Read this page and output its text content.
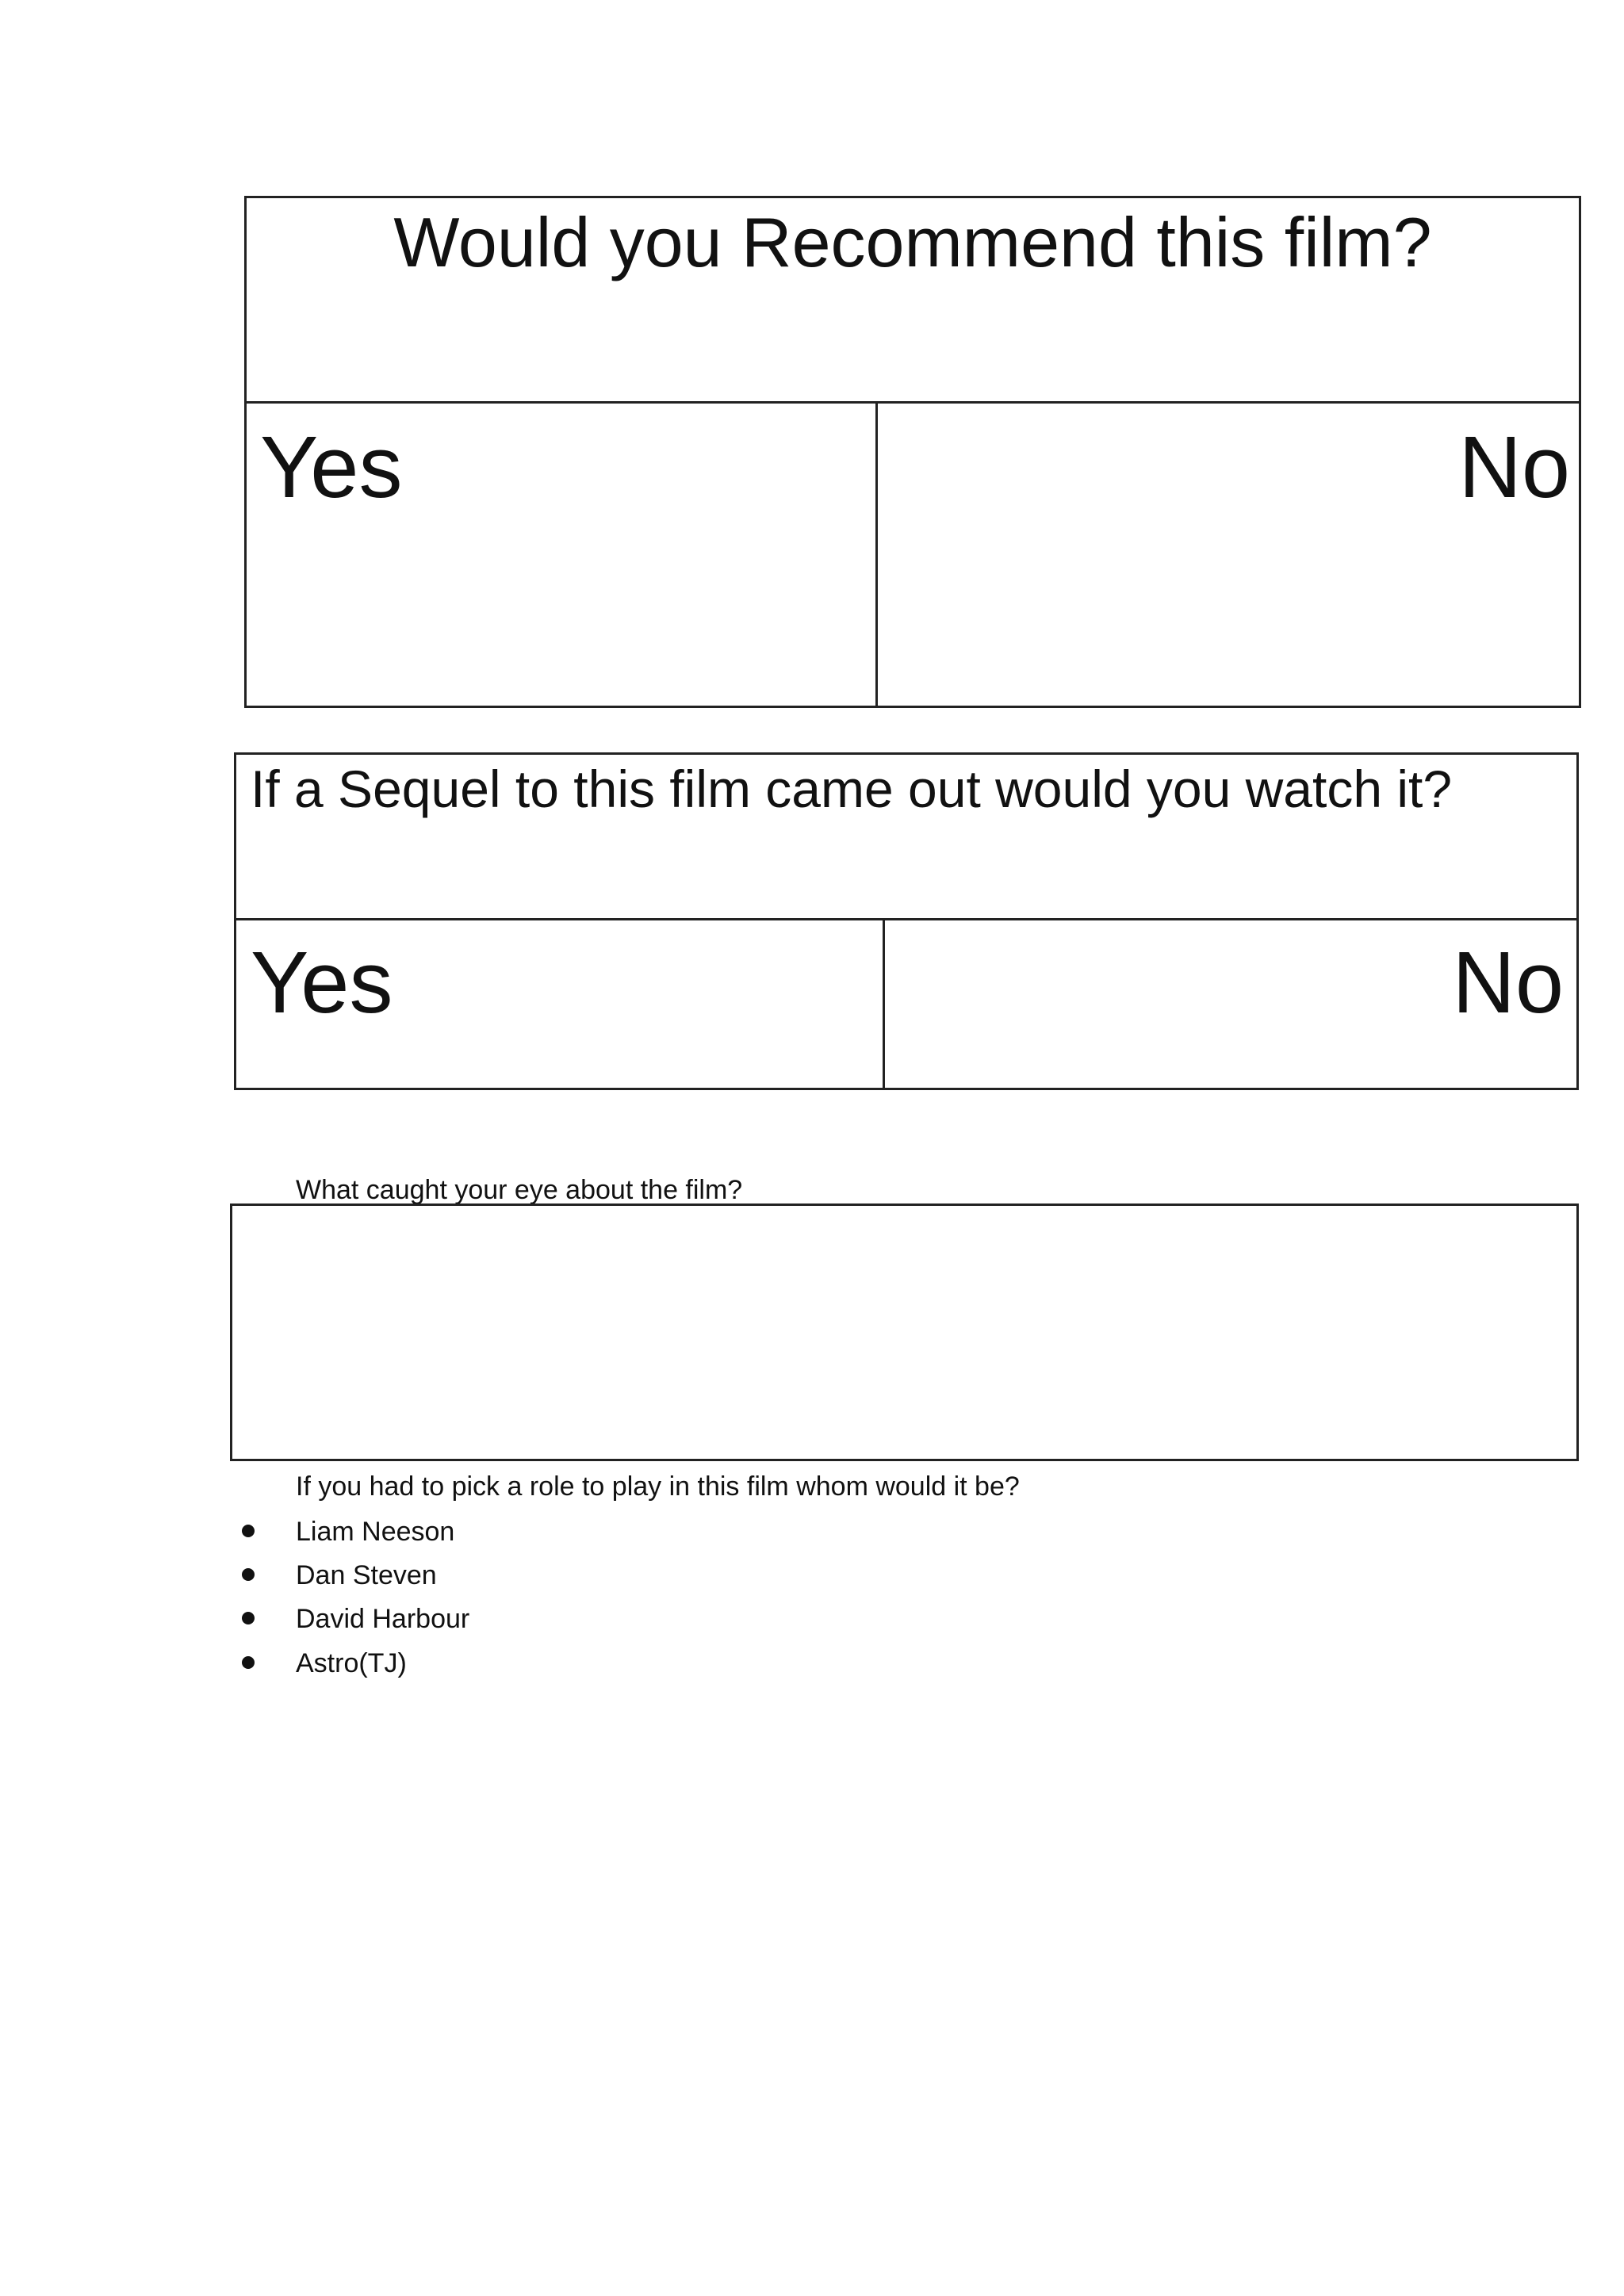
Would you Recommend this film?
Yes	No
If a Sequel to this film came out would you watch it?
Yes	No
What caught your eye about the film?
If you had to pick a role to play in this film whom would it be?
Liam Neeson
Dan Steven
David Harbour
Astro(TJ)
